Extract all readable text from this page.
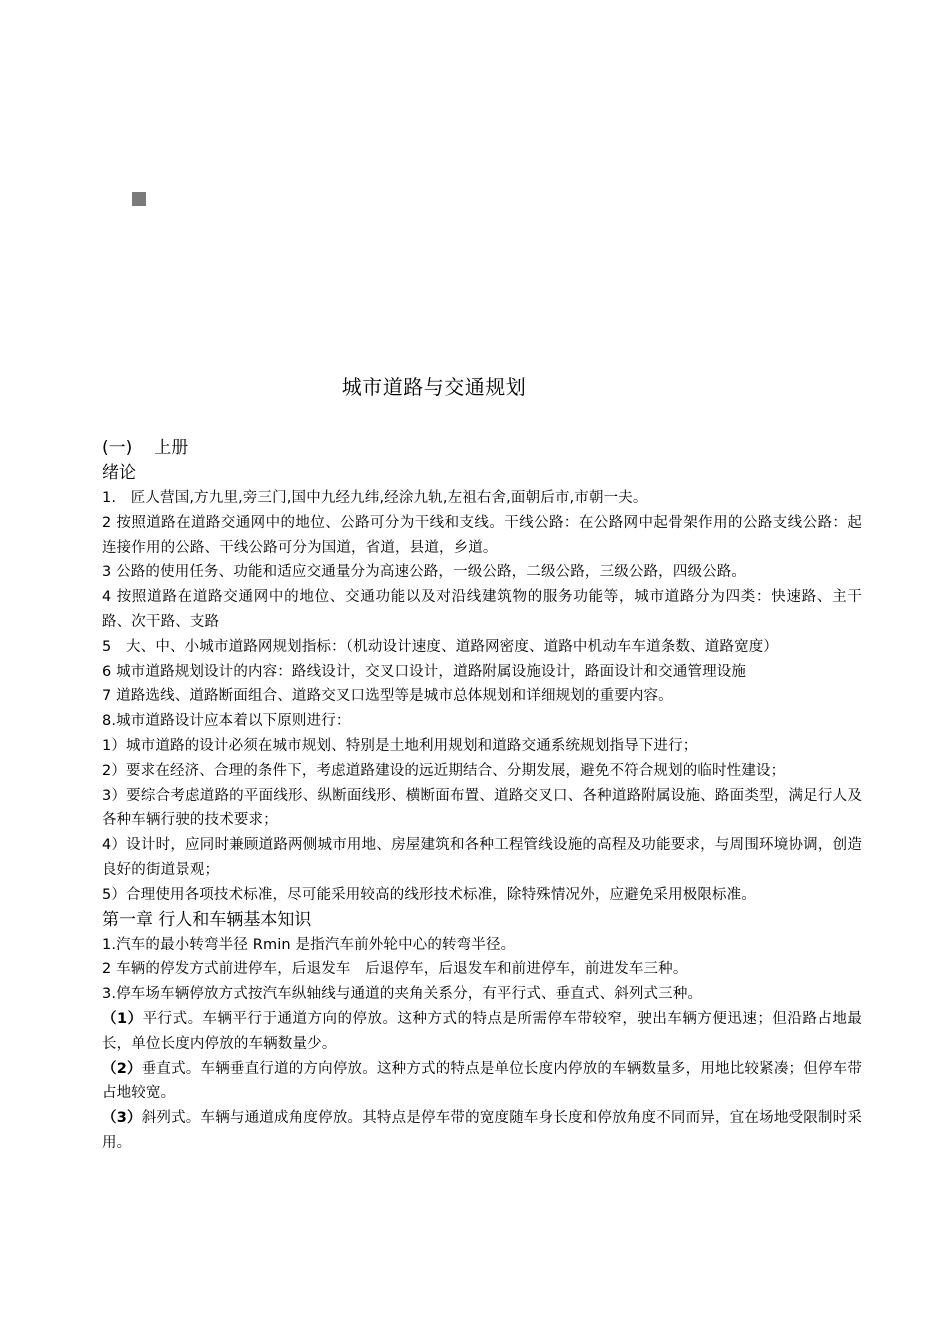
城市道路与交通规划

(一) 上册

绪论

1.　匠人营国,方九里,旁三门,国中九经九纬,经涂九轨,左祖右舍,面朝后市,市朝一夫。

2 按照道路在道路交通网中的地位、公路可分为干线和支线。干线公路：在公路网中起骨架作用的公路支线公路：起连接作用的公路、干线公路可分为国道，省道，县道，乡道。

3 公路的使用任务、功能和适应交通量分为高速公路，一级公路，二级公路，三级公路，四级公路。

4 按照道路在道路交通网中的地位、交通功能以及对沿线建筑物的服务功能等，城市道路分为四类：快速路、主干路、次干路、支路

5　大、中、小城市道路网规划指标：（机动设计速度、道路网密度、道路中机动车车道条数、道路宽度）

6 城市道路规划设计的内容：路线设计，交叉口设计，道路附属设施设计，路面设计和交通管理设施

7 道路选线、道路断面组合、道路交叉口选型等是城市总体规划和详细规划的重要内容。

8.城市道路设计应本着以下原则进行：

1）城市道路的设计必须在城市规划、特别是土地利用规划和道路交通系统规划指导下进行；

2）要求在经济、合理的条件下，考虑道路建设的远近期结合、分期发展，避免不符合规划的临时性建设；

3）要综合考虑道路的平面线形、纵断面线形、横断面布置、道路交叉口、各种道路附属设施、路面类型，满足行人及各种车辆行驶的技术要求；

4）设计时，应同时兼顾道路两侧城市用地、房屋建筑和各种工程管线设施的高程及功能要求，与周围环境协调，创造良好的街道景观；

5）合理使用各项技术标准，尽可能采用较高的线形技术标准，除特殊情况外，应避免采用极限标准。

第一章 行人和车辆基本知识

1.汽车的最小转弯半径 Rmin 是指汽车前外轮中心的转弯半径。

2 车辆的停发方式前进停车，后退发车　后退停车，后退发车和前进停车，前进发车三种。

3.停车场车辆停放方式按汽车纵轴线与通道的夹角关系分，有平行式、垂直式、斜列式三种。

（1）平行式。车辆平行于通道方向的停放。这种方式的特点是所需停车带较窄，驶出车辆方便迅速；但沿路占地最长，单位长度内停放的车辆数量少。

（2）垂直式。车辆垂直行道的方向停放。这种方式的特点是单位长度内停放的车辆数量多，用地比较紧凑；但停车带占地较宽。

（3）斜列式。车辆与通道成角度停放。其特点是停车带的宽度随车身长度和停放角度不同而异，宜在场地受限制时采用。
